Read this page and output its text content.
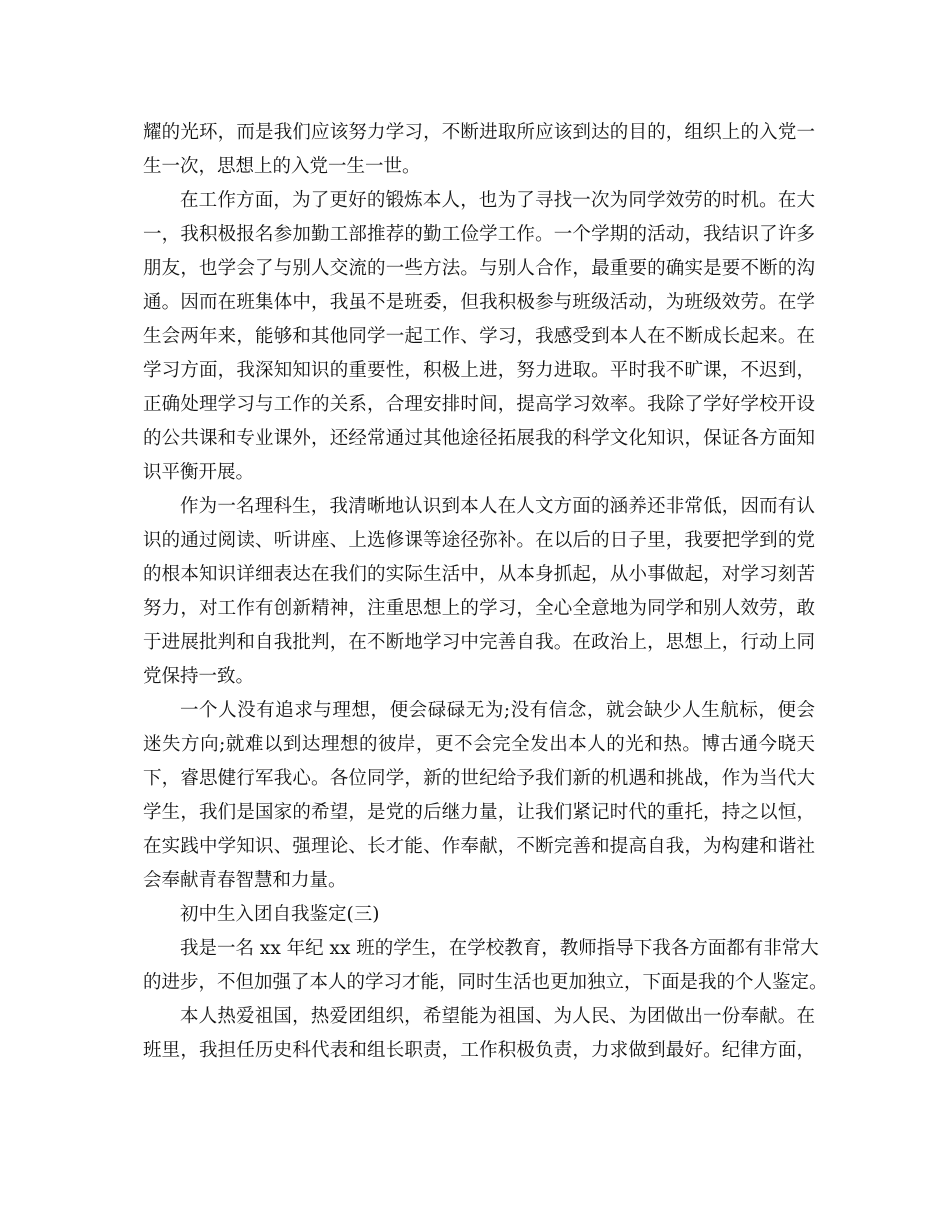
耀的光环，而是我们应该努力学习，不断进取所应该到达的目的，组织上的入党一
生一次，思想上的入党一生一世。
在工作方面，为了更好的锻炼本人，也为了寻找一次为同学效劳的时机。在大
一，我积极报名参加勤工部推荐的勤工俭学工作。一个学期的活动，我结识了许多
朋友，也学会了与别人交流的一些方法。与别人合作，最重要的确实是要不断的沟
通。因而在班集体中，我虽不是班委，但我积极参与班级活动，为班级效劳。在学
生会两年来，能够和其他同学一起工作、学习，我感受到本人在不断成长起来。在
学习方面，我深知知识的重要性，积极上进，努力进取。平时我不旷课，不迟到，
正确处理学习与工作的关系，合理安排时间，提高学习效率。我除了学好学校开设
的公共课和专业课外，还经常通过其他途径拓展我的科学文化知识，保证各方面知
识平衡开展。
作为一名理科生，我清晰地认识到本人在人文方面的涵养还非常低，因而有认
识的通过阅读、听讲座、上选修课等途径弥补。在以后的日子里，我要把学到的党
的根本知识详细表达在我们的实际生活中，从本身抓起，从小事做起，对学习刻苦
努力，对工作有创新精神，注重思想上的学习，全心全意地为同学和别人效劳，敢
于进展批判和自我批判，在不断地学习中完善自我。在政治上，思想上，行动上同
党保持一致。
一个人没有追求与理想，便会碌碌无为;没有信念，就会缺少人生航标，便会
迷失方向;就难以到达理想的彼岸，更不会完全发出本人的光和热。博古通今晓天
下，睿思健行军我心。各位同学，新的世纪给予我们新的机遇和挑战，作为当代大
学生，我们是国家的希望，是党的后继力量，让我们紧记时代的重托，持之以恒，
在实践中学知识、强理论、长才能、作奉献，不断完善和提高自我，为构建和谐社
会奉献青春智慧和力量。
初中生入团自我鉴定(三)
我是一名 xx 年纪 xx 班的学生，在学校教育，教师指导下我各方面都有非常大
的进步，不但加强了本人的学习才能，同时生活也更加独立，下面是我的个人鉴定。
本人热爱祖国，热爱团组织，希望能为祖国、为人民、为团做出一份奉献。在
班里，我担任历史科代表和组长职责，工作积极负责，力求做到最好。纪律方面，
